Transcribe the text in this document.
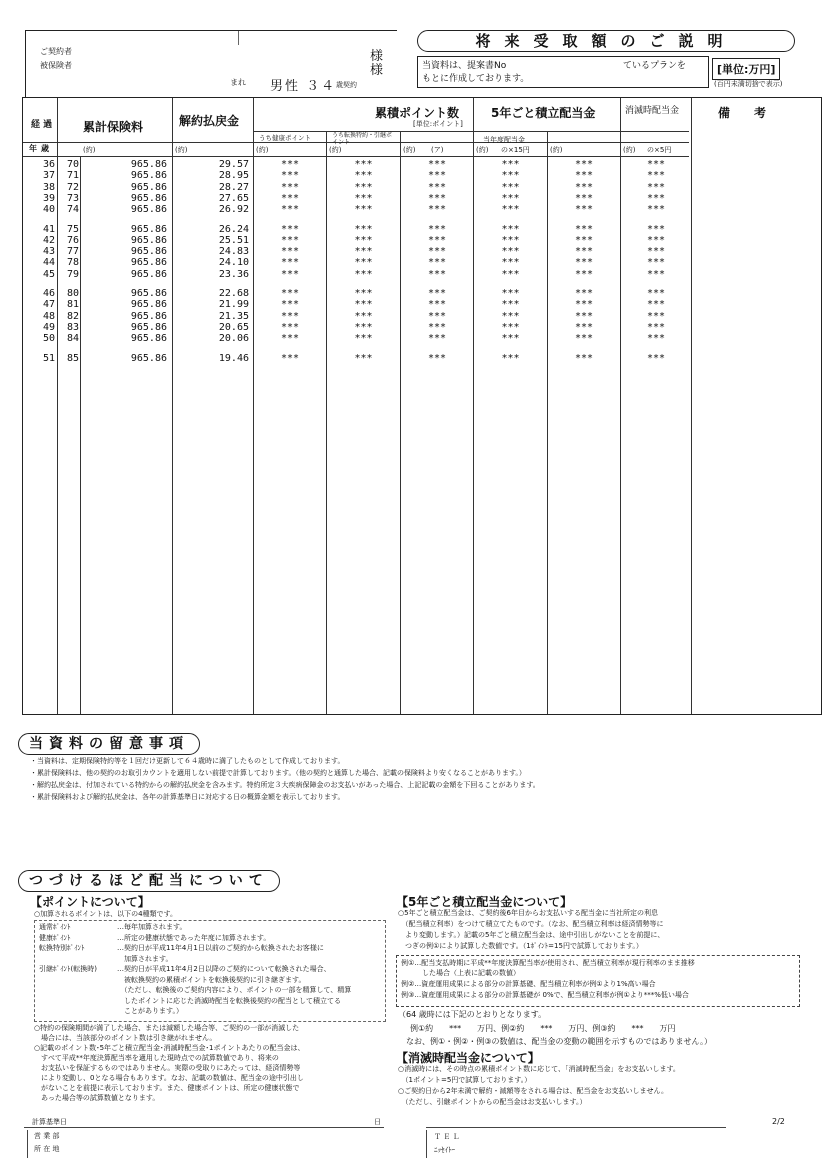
ご契約者
被保険者
様
様
まれ 男性 ３４ 歳契約
将来受取額のご説明
当資料は、提案書No	ているプランを
もとに作成しております。
[単位:万円]
(百円未満切捨で表示)
経 過
年 歳
累計保険料	解約払戻金
累積ポイント数
[単位:ポイント]
うち健康ポイント	うち転換特約・引継ポイント
(ア)
5年ごと積立配当金
当年度配当金
の×15円
消滅時配当金
の×5円
備　　考
(約)	(約)	(約)	(約)	(約)	(約)	(約)	(約)
36	70	965.86	29.57	***	***	***	***	***	***
37	71	965.86	28.95	***	***	***	***	***	***
38	72	965.86	28.27	***	***	***	***	***	***
39	73	965.86	27.65	***	***	***	***	***	***
40	74	965.86	26.92	***	***	***	***	***	***
41	75	965.86	26.24	***	***	***	***	***	***
42	76	965.86	25.51	***	***	***	***	***	***
43	77	965.86	24.83	***	***	***	***	***	***
44	78	965.86	24.10	***	***	***	***	***	***
45	79	965.86	23.36	***	***	***	***	***	***
46	80	965.86	22.68	***	***	***	***	***	***
47	81	965.86	21.99	***	***	***	***	***	***
48	82	965.86	21.35	***	***	***	***	***	***
49	83	965.86	20.65	***	***	***	***	***	***
50	84	965.86	20.06	***	***	***	***	***	***
51	85	965.86	19.46	***	***	***	***	***	***
当資料の留意事項
・当資料は、定期保険特約等を１回だけ更新して６４歳時に満了したものとして作成しております。
・累計保険料は、他の契約のお取引カウントを適用しない前提で計算しております。（他の契約と通算した場合、記載の保険料より安くなることがあります。）
・解約払戻金は、付加されている特約からの解約払戻金を含みます。特約所定３大疾病保障金のお支払いがあった場合、上記記載の金額を下回ることがあります。
・累計保険料および解約払戻金は、各年の計算基準日に対応する日の概算金額を表示しております。
つづけるほど配当について
【ポイントについて】
○加算されるポイントは、以下の4種類です。
通常ﾎﾟｲﾝﾄ	…毎年加算されます。
健康ﾎﾟｲﾝﾄ	…所定の健康状態であった年度に加算されます。
転換特別ﾎﾟｲﾝﾄ	…契約日が平成11年4月1日以前のご契約から転換されたお客様に
　加算されます。
引継ﾎﾟｲﾝﾄ(転換時)	…契約日が平成11年4月2日以降のご契約について転換された場合、
　被転換契約の累積ポイントを転換後契約に引き継ぎます。
　（ただし、転換後のご契約内容により、ポイントの一部を精算して、精算
　したポイントに応じた消滅時配当を転換後契約の配当として積立てる
　ことがあります。）
○特約の保険期間が満了した場合、または減額した場合等、ご契約の一部が消滅した
　場合には、当該部分のポイント数は引き継がれません。
○記載のポイント数･5年ごと積立配当金･消滅時配当金･1ポイントあたりの配当金は、
　すべて平成**年度決算配当率を適用した現時点での試算数値であり、将来の
　お支払いを保証するものではありません。実際の受取りにあたっては、経済情勢等
　により変動し、0となる場合もあります。なお、記載の数値は、配当金の途中引出し
　がないことを前提に表示しております。また、健康ポイントは、所定の健康状態で
　あった場合等の試算数値となります。
【5年ごと積立配当金について】
○5年ごと積立配当金は、ご契約後6年目からお支払いする配当金に当社所定の利息
　（配当積立利率）をつけて積立てたものです。（なお、配当積立利率は経済情勢等に
　より変動します。）記載の5年ごと積立配当金は、途中引出しがないことを前提に、
　つぎの例①により試算した数値です。（1ﾎﾟｲﾝﾄ=15円で試算しております。）
例①…配当支払時期に平成**年度決算配当率が使用され、配当積立利率が現行利率のまま推移
　　　した場合（上表に記載の数値）
例②…資産運用成果による部分の計算基礎、配当積立利率が例①より1%高い場合
例③…資産運用成果による部分の計算基礎が 0%で、配当積立利率が例①より***%低い場合
（64 歳時には下記のとおりとなります。
例①約　　***　　万円、例②約　　***　　万円、例③約　　***　　万円
　なお、例①・例②・例③の数値は、配当金の変動の範囲を示すものではありません。）
【消滅時配当金について】
○消滅時には、その時点の累積ポイント数に応じて、「消滅時配当金」をお支払いします。
　（1ポイント=5円で試算しております。）
○ご契約日から2年未満で解約・減額等をされる場合は、配当金をお支払いしません。
　（ただし、引継ポイントからの配当金はお支払いします。）
計算基準日
営 業 部
所 在 地
日
Ｔ Ｅ Ｌ
ﾆｯｾｲﾄｰ
2/2
